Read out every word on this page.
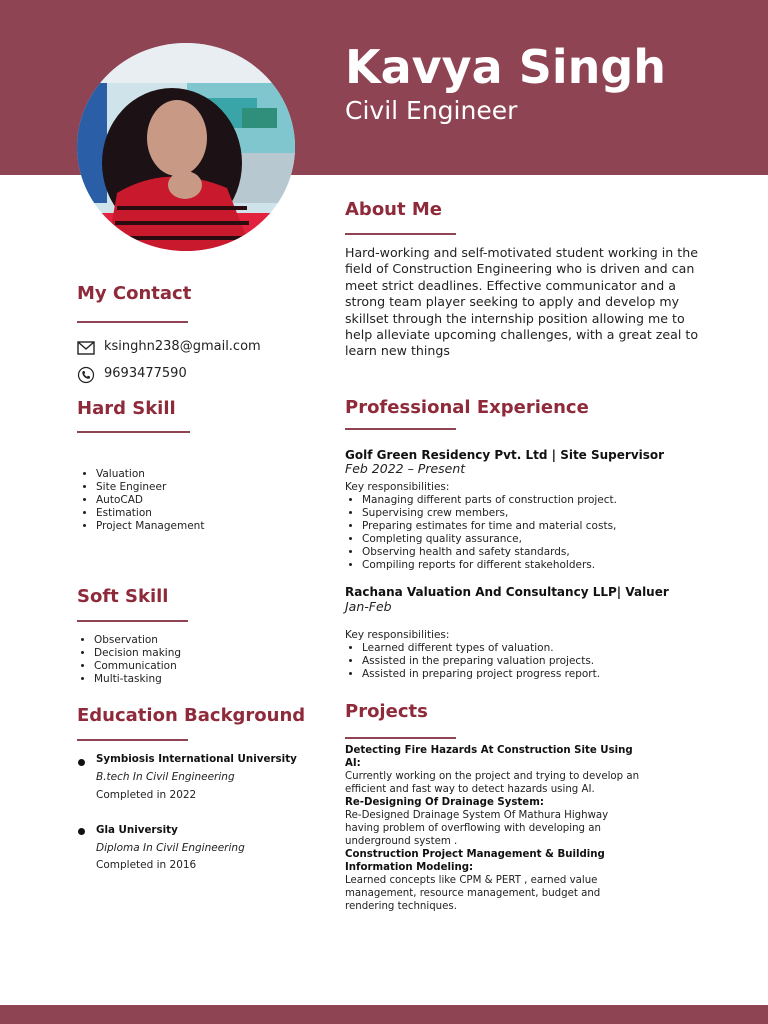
Kavya Singh
Civil Engineer
About Me
Hard-working and self-motivated student working in the field of Construction Engineering who is driven and can meet strict deadlines. Effective communicator and a strong team player seeking to apply and develop my skillset through the internship position allowing me to help alleviate upcoming challenges, with a great zeal to learn new things
My Contact
ksinghn238@gmail.com
9693477590
Hard Skill
• Valuation
• Site Engineer
• AutoCAD
• Estimation
• Project Management
Soft Skill
• Observation
• Decision making
• Communication
• Multi-tasking
Education Background
Symbiosis International University
B.tech In Civil Engineering
Completed in 2022
Gla University
Diploma In Civil Engineering
Completed in 2016
Professional Experience
Golf Green Residency Pvt. Ltd | Site Supervisor
Feb 2022 – Present
Key responsibilities:
• Managing different parts of construction project.
• Supervising crew members,
• Preparing estimates for time and material costs,
• Completing quality assurance,
• Observing health and safety standards,
• Compiling reports for different stakeholders.
Rachana Valuation And Consultancy LLP| Valuer
Jan-Feb
Key responsibilities:
• Learned different types of valuation.
• Assisted in the preparing valuation projects.
• Assisted in preparing project progress report.
Projects
Detecting Fire Hazards At Construction Site Using AI:
Currently working on the project and trying to develop an efficient and fast way to detect hazards using AI.
Re-Designing Of Drainage System:
Re-Designed Drainage System Of Mathura Highway having problem of overflowing with developing an underground system .
Construction Project Management & Building Information Modeling:
Learned concepts like CPM & PERT , earned value management, resource management, budget and rendering techniques.
